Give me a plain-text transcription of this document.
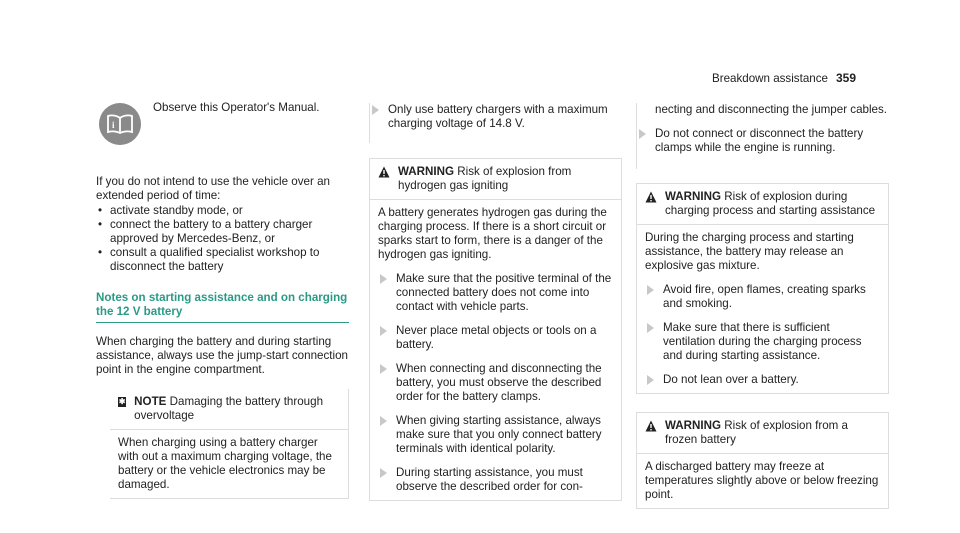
Breakdown assistance 359
i
Observe this Operator's Manual.

If you do not intend to use the vehicle over an extended period of time:

• activate standby mode, or
• connect the battery to a battery charger approved by Mercedes-Benz, or
• consult a qualified specialist workshop to disconnect the battery
Notes on starting assistance and on charging the 12 V battery

When charging the battery and during starting assistance, always use the jump-start connection point in the engine compartment.

✱ NOTE Damaging the battery through overvoltage
When charging using a battery charger with out a maximum charging voltage, the battery or the vehicle electronics may be damaged.
Only use battery chargers with a maximum charging voltage of 14.8 V.
WARNING Risk of explosion from hydrogen gas igniting

A battery generates hydrogen gas during the charging process. If there is a short circuit or sparks start to form, there is a danger of the hydrogen gas igniting.

Make sure that the positive terminal of the connected battery does not come into contact with vehicle parts.
Never place metal objects or tools on a battery.
When connecting and disconnecting the battery, you must observe the described order for the battery clamps.
When giving starting assistance, always make sure that you only connect battery terminals with identical polarity.
During starting assistance, you must observe the described order for con-

necting and disconnecting the jumper cables.

Do not connect or disconnect the battery clamps while the engine is running.
WARNING Risk of explosion during charging process and starting assistance

During the charging process and starting assistance, the battery may release an explosive gas mixture.

Avoid fire, open flames, creating sparks and smoking.
Make sure that there is sufficient ventilation during the charging process and during starting assistance.
Do not lean over a battery.
WARNING Risk of explosion from a frozen battery
A discharged battery may freeze at temperatures slightly above or below freezing point.
